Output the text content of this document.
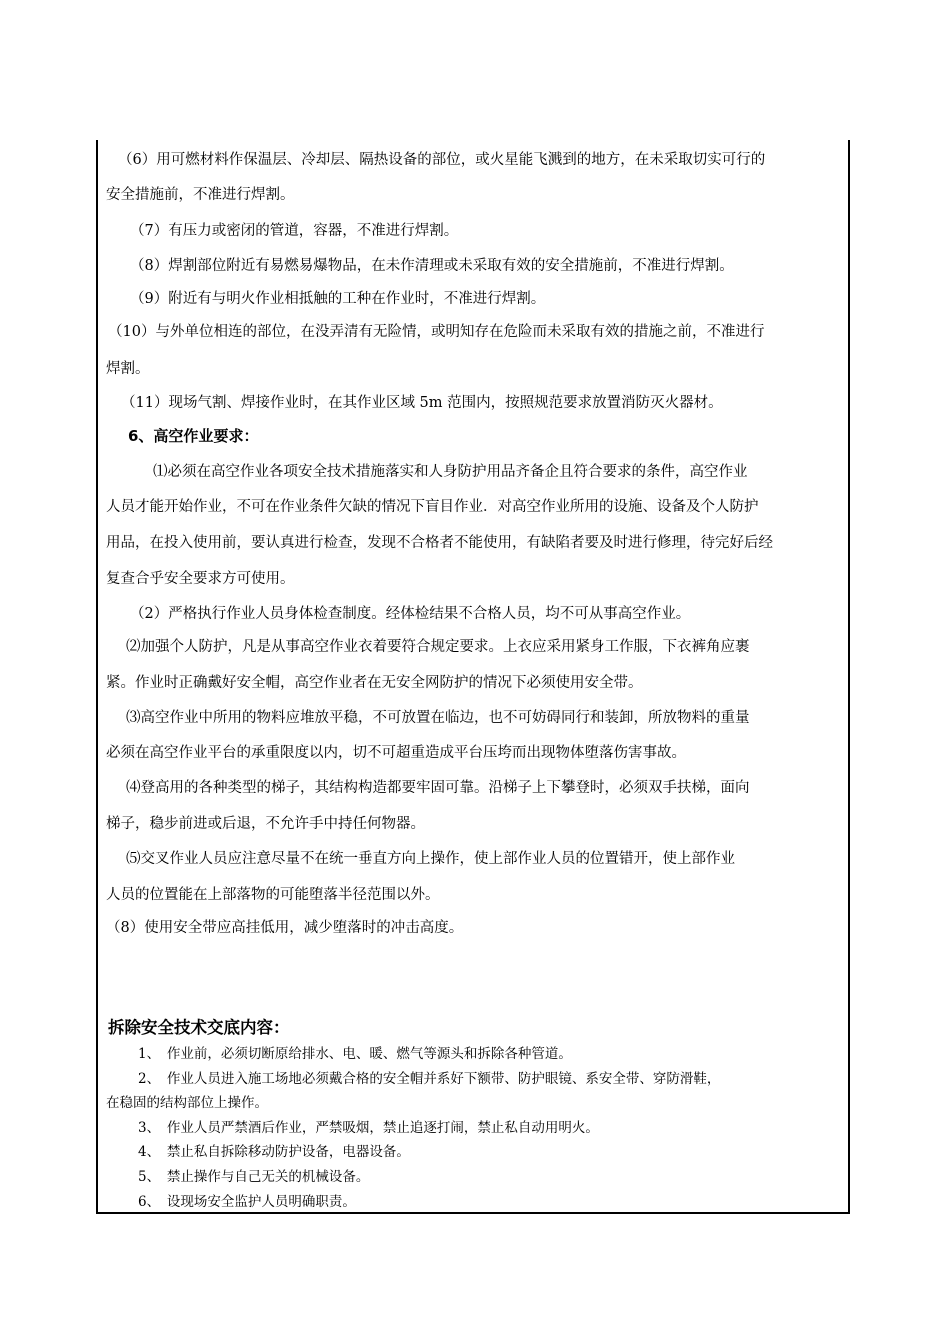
（6）用可燃材料作保温层、冷却层、隔热设备的部位，或火星能飞溅到的地方，在未采取切实可行的
安全措施前，不准进行焊割。
（7）有压力或密闭的管道，容器，不准进行焊割。
（8）焊割部位附近有易燃易爆物品，在未作清理或未采取有效的安全措施前，不准进行焊割。
（9）附近有与明火作业相抵触的工种在作业时，不准进行焊割。
（10）与外单位相连的部位，在没弄清有无险情，或明知存在危险而未采取有效的措施之前，不准进行
焊割。
（11）现场气割、焊接作业时，在其作业区域 5m 范围内，按照规范要求放置消防灭火器材。
6、高空作业要求：
⑴必须在高空作业各项安全技术措施落实和人身防护用品齐备企且符合要求的条件，高空作业
人员才能开始作业，不可在作业条件欠缺的情况下盲目作业．对高空作业所用的设施、设备及个人防护
用品，在投入使用前，要认真进行检查，发现不合格者不能使用，有缺陷者要及时进行修理，待完好后经
复查合乎安全要求方可使用。
（2）严格执行作业人员身体检查制度。经体检结果不合格人员，均不可从事高空作业。
⑵加强个人防护，凡是从事高空作业衣着要符合规定要求。上衣应采用紧身工作服，下衣裤角应裹
紧。作业时正确戴好安全帽，高空作业者在无安全网防护的情况下必须使用安全带。
⑶高空作业中所用的物料应堆放平稳，不可放置在临边，也不可妨碍同行和装卸，所放物料的重量
必须在高空作业平台的承重限度以内，切不可超重造成平台压垮而出现物体堕落伤害事故。
⑷登高用的各种类型的梯子，其结构构造都要牢固可靠。沿梯子上下攀登时，必须双手扶梯，面向
梯子，稳步前进或后退，不允许手中持任何物器。
⑸交叉作业人员应注意尽量不在统一垂直方向上操作，使上部作业人员的位置错开，使上部作业
人员的位置能在上部落物的可能堕落半径范围以外。
（8）使用安全带应高挂低用，减少堕落时的冲击高度。
拆除安全技术交底内容：
1、　作业前，必须切断原给排水、电、暖、燃气等源头和拆除各种管道。
2、　作业人员进入施工场地必须戴合格的安全帽并系好下额带、防护眼镜、系安全带、穿防滑鞋，
在稳固的结构部位上操作。
3、　作业人员严禁酒后作业，严禁吸烟，禁止追逐打闹，禁止私自动用明火。
4、　禁止私自拆除移动防护设备，电器设备。
5、　禁止操作与自己无关的机械设备。
6、　设现场安全监护人员明确职责。
